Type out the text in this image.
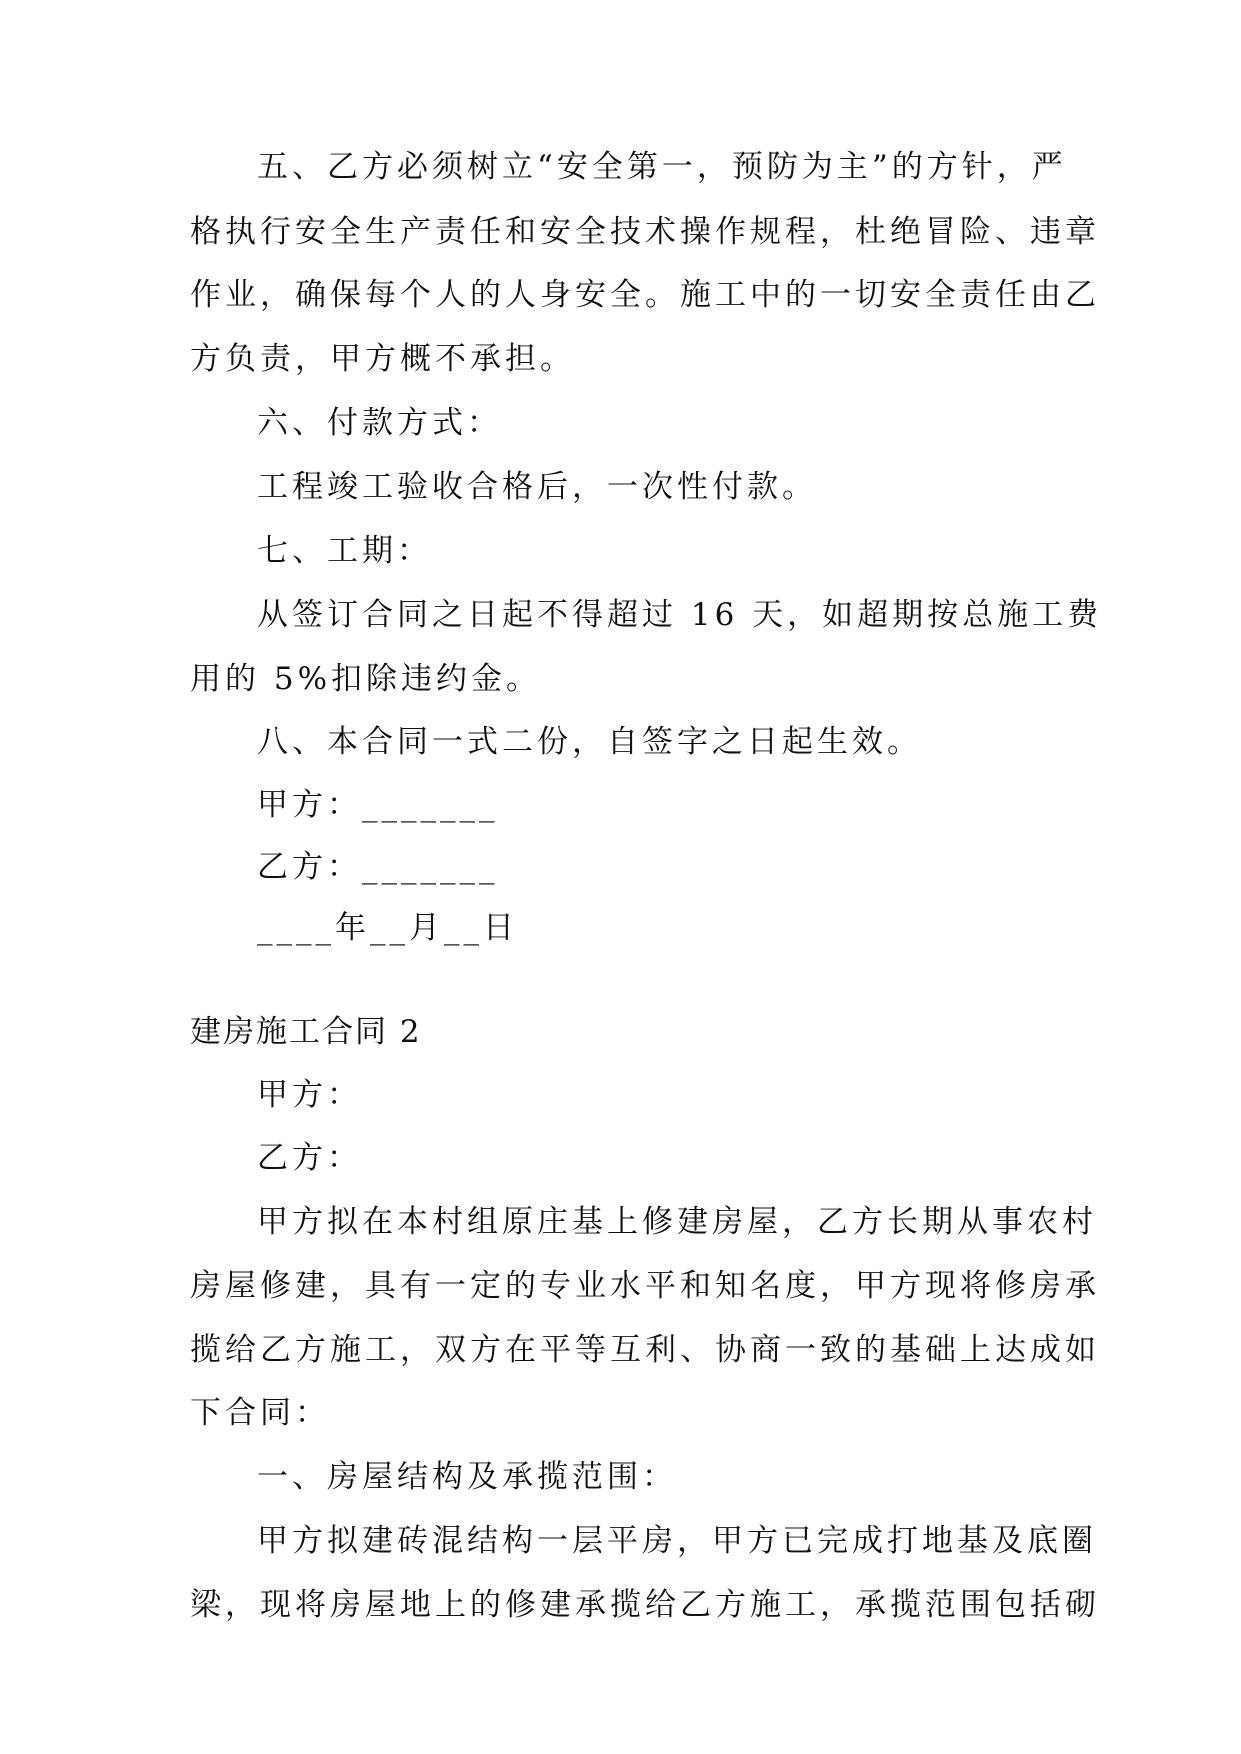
五、乙方必须树立“安全第一，预防为主”的方针，严
格执行安全生产责任和安全技术操作规程，杜绝冒险、违章
作业，确保每个人的人身安全。施工中的一切安全责任由乙
方负责，甲方概不承担。
六、付款方式：
工程竣工验收合格后，一次性付款。
七、工期：
从签订合同之日起不得超过 16 天，如超期按总施工费
用的 5%扣除违约金。
八、本合同一式二份，自签字之日起生效。
甲方：_______
乙方：_______
____年__月__日
建房施工合同 2
甲方：
乙方：
甲方拟在本村组原庄基上修建房屋，乙方长期从事农村
房屋修建，具有一定的专业水平和知名度，甲方现将修房承
揽给乙方施工，双方在平等互利、协商一致的基础上达成如
下合同：
一、房屋结构及承揽范围：
甲方拟建砖混结构一层平房，甲方已完成打地基及底圈
梁，现将房屋地上的修建承揽给乙方施工，承揽范围包括砌
